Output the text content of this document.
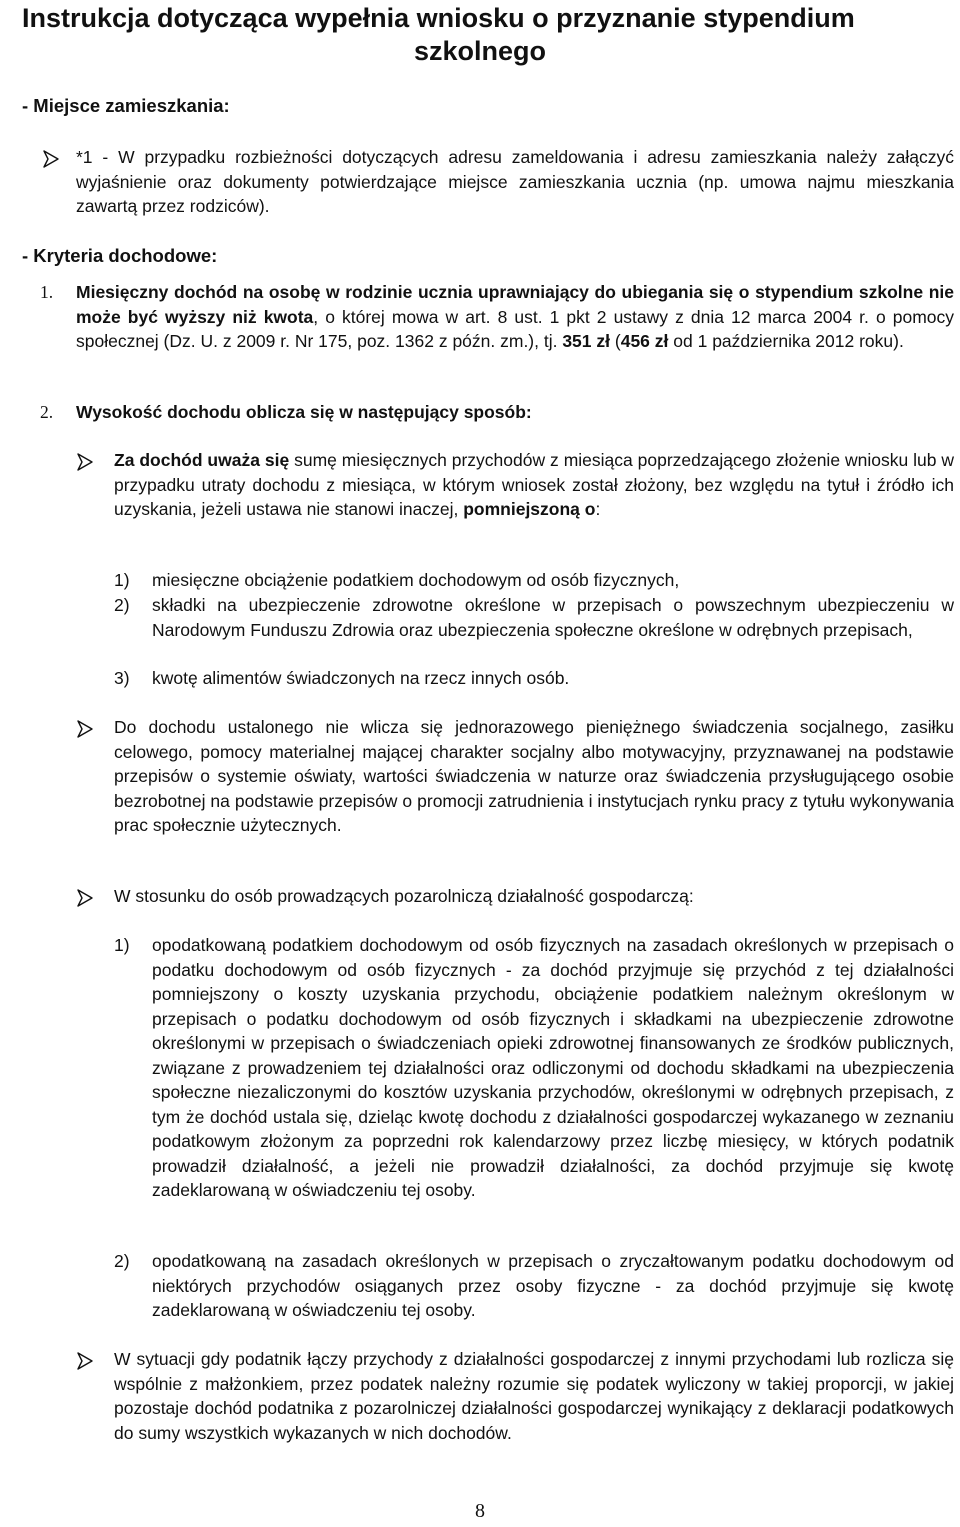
Instrukcja dotycząca wypełnia wniosku o przyznanie stypendium
szkolnego
- Miejsce zamieszkania:

*1 - W przypadku rozbieżności dotyczących adresu zameldowania i adresu zamieszkania należy załączyć wyjaśnienie oraz dokumenty potwierdzające miejsce zamieszkania ucznia (np. umowa najmu mieszkania zawartą przez rodziców).

- Kryteria dochodowe:
1. Miesięczny dochód na osobę w rodzinie ucznia uprawniający do ubiegania się o stypendium szkolne nie może być wyższy niż kwota, o której mowa w art. 8 ust. 1 pkt 2 ustawy z dnia 12 marca 2004 r. o pomocy społecznej (Dz. U. z 2009 r. Nr 175, poz. 1362 z późn. zm.), tj. 351 zł (456 zł od 1 października 2012 roku).

2. Wysokość dochodu oblicza się w następujący sposób:

Za dochód uważa się sumę miesięcznych przychodów z miesiąca poprzedzającego złożenie wniosku lub w przypadku utraty dochodu z miesiąca, w którym wniosek został złożony, bez względu na tytuł i źródło ich uzyskania, jeżeli ustawa nie stanowi inaczej, pomniejszoną o:

1) miesięczne obciążenie podatkiem dochodowym od osób fizycznych,

2) składki na ubezpieczenie zdrowotne określone w przepisach o powszechnym ubezpieczeniu w Narodowym Funduszu Zdrowia oraz ubezpieczenia społeczne określone w odrębnych przepisach,

3) kwotę alimentów świadczonych na rzecz innych osób.

Do dochodu ustalonego nie wlicza się jednorazowego pieniężnego świadczenia socjalnego, zasiłku celowego, pomocy materialnej mającej charakter socjalny albo motywacyjny, przyznawanej na podstawie przepisów o systemie oświaty, wartości świadczenia w naturze oraz świadczenia przysługującego osobie bezrobotnej na podstawie przepisów o promocji zatrudnienia i instytucjach rynku pracy z tytułu wykonywania prac społecznie użytecznych.

W stosunku do osób prowadzących pozarolniczą działalność gospodarczą:

1) opodatkowaną podatkiem dochodowym od osób fizycznych na zasadach określonych w przepisach o podatku dochodowym od osób fizycznych - za dochód przyjmuje się przychód z tej działalności pomniejszony o koszty uzyskania przychodu, obciążenie podatkiem należnym określonym w przepisach o podatku dochodowym od osób fizycznych i składkami na ubezpieczenie zdrowotne określonymi w przepisach o świadczeniach opieki zdrowotnej finansowanych ze środków publicznych, związane z prowadzeniem tej działalności oraz odliczonymi od dochodu składkami na ubezpieczenia społeczne niezaliczonymi do kosztów uzyskania przychodów, określonymi w odrębnych przepisach, z tym że dochód ustala się, dzieląc kwotę dochodu z działalności gospodarczej wykazanego w zeznaniu podatkowym złożonym za poprzedni rok kalendarzowy przez liczbę miesięcy, w których podatnik prowadził działalność, a jeżeli nie prowadził działalności, za dochód przyjmuje się kwotę zadeklarowaną w oświadczeniu tej osoby.

2) opodatkowaną na zasadach określonych w przepisach o zryczałtowanym podatku dochodowym od niektórych przychodów osiąganych przez osoby fizyczne - za dochód przyjmuje się kwotę zadeklarowaną w oświadczeniu tej osoby.

W sytuacji gdy podatnik łączy przychody z działalności gospodarczej z innymi przychodami lub rozlicza się wspólnie z małżonkiem, przez podatek należny rozumie się podatek wyliczony w takiej proporcji, w jakiej pozostaje dochód podatnika z pozarolniczej działalności gospodarczej wynikający z deklaracji podatkowych do sumy wszystkich wykazanych w nich dochodów.

8
